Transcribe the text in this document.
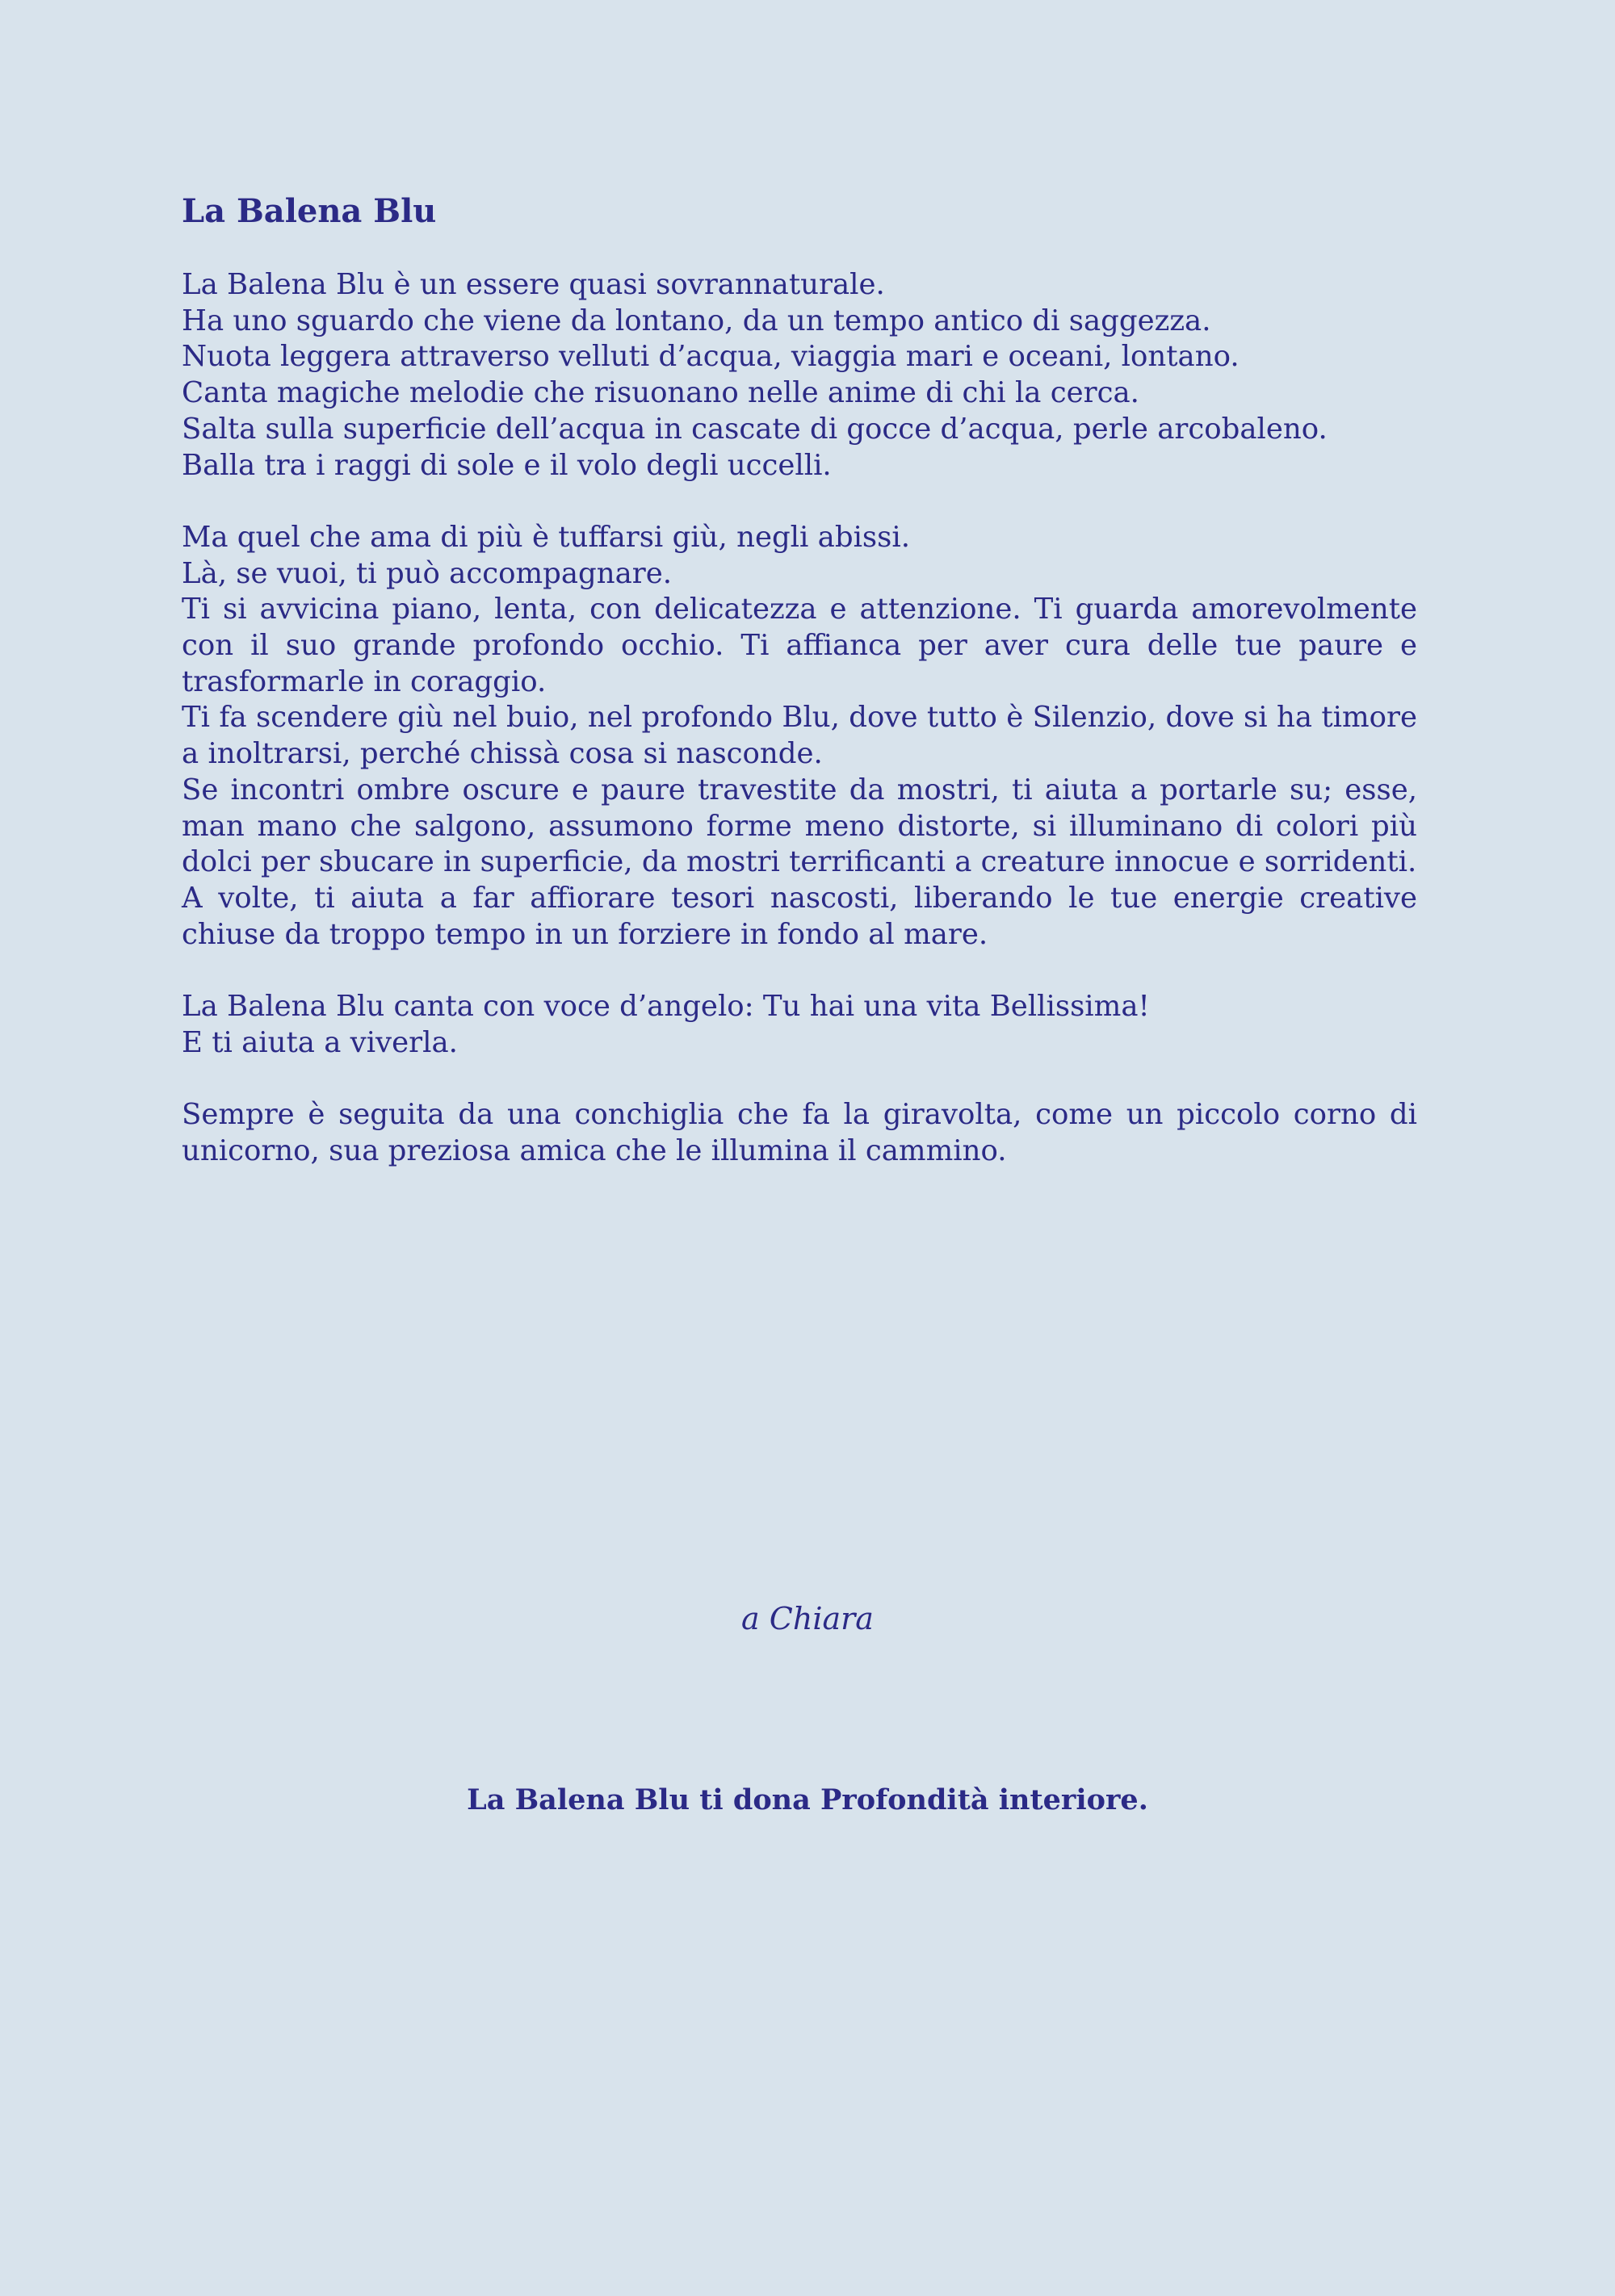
La Balena Blu
La Balena Blu è un essere quasi sovrannaturale.
Ha uno sguardo che viene da lontano, da un tempo antico di saggezza.
Nuota leggera attraverso velluti d’acqua, viaggia mari e oceani, lontano.
Canta magiche melodie che risuonano nelle anime di chi la cerca.
Salta sulla superficie dell’acqua in cascate di gocce d’acqua, perle arcobaleno.
Balla tra i raggi di sole e il volo degli uccelli.
Ma quel che ama di più è tuffarsi giù, negli abissi.
Là, se vuoi, ti può accompagnare.
Ti si avvicina piano, lenta, con delicatezza e attenzione. Ti guarda amorevolmente con il suo grande profondo occhio. Ti affianca per aver cura delle tue paure e trasformarle in coraggio.
Ti fa scendere giù nel buio, nel profondo Blu, dove tutto è Silenzio, dove si ha timore a inoltrarsi, perché chissà cosa si nasconde.
Se incontri ombre oscure e paure travestite da mostri, ti aiuta a portarle su; esse, man mano che salgono, assumono forme meno distorte, si illuminano di colori più dolci per sbucare in superficie, da mostri terrificanti a creature innocue e sorridenti.
A volte, ti aiuta a far affiorare tesori nascosti, liberando le tue energie creative chiuse da troppo tempo in un forziere in fondo al mare.
La Balena Blu canta con voce d’angelo: Tu hai una vita Bellissima!
E ti aiuta a viverla.
Sempre è seguita da una conchiglia che fa la giravolta, come un piccolo corno di unicorno, sua preziosa amica che le illumina il cammino.
a Chiara
La Balena Blu ti dona Profondità interiore.
